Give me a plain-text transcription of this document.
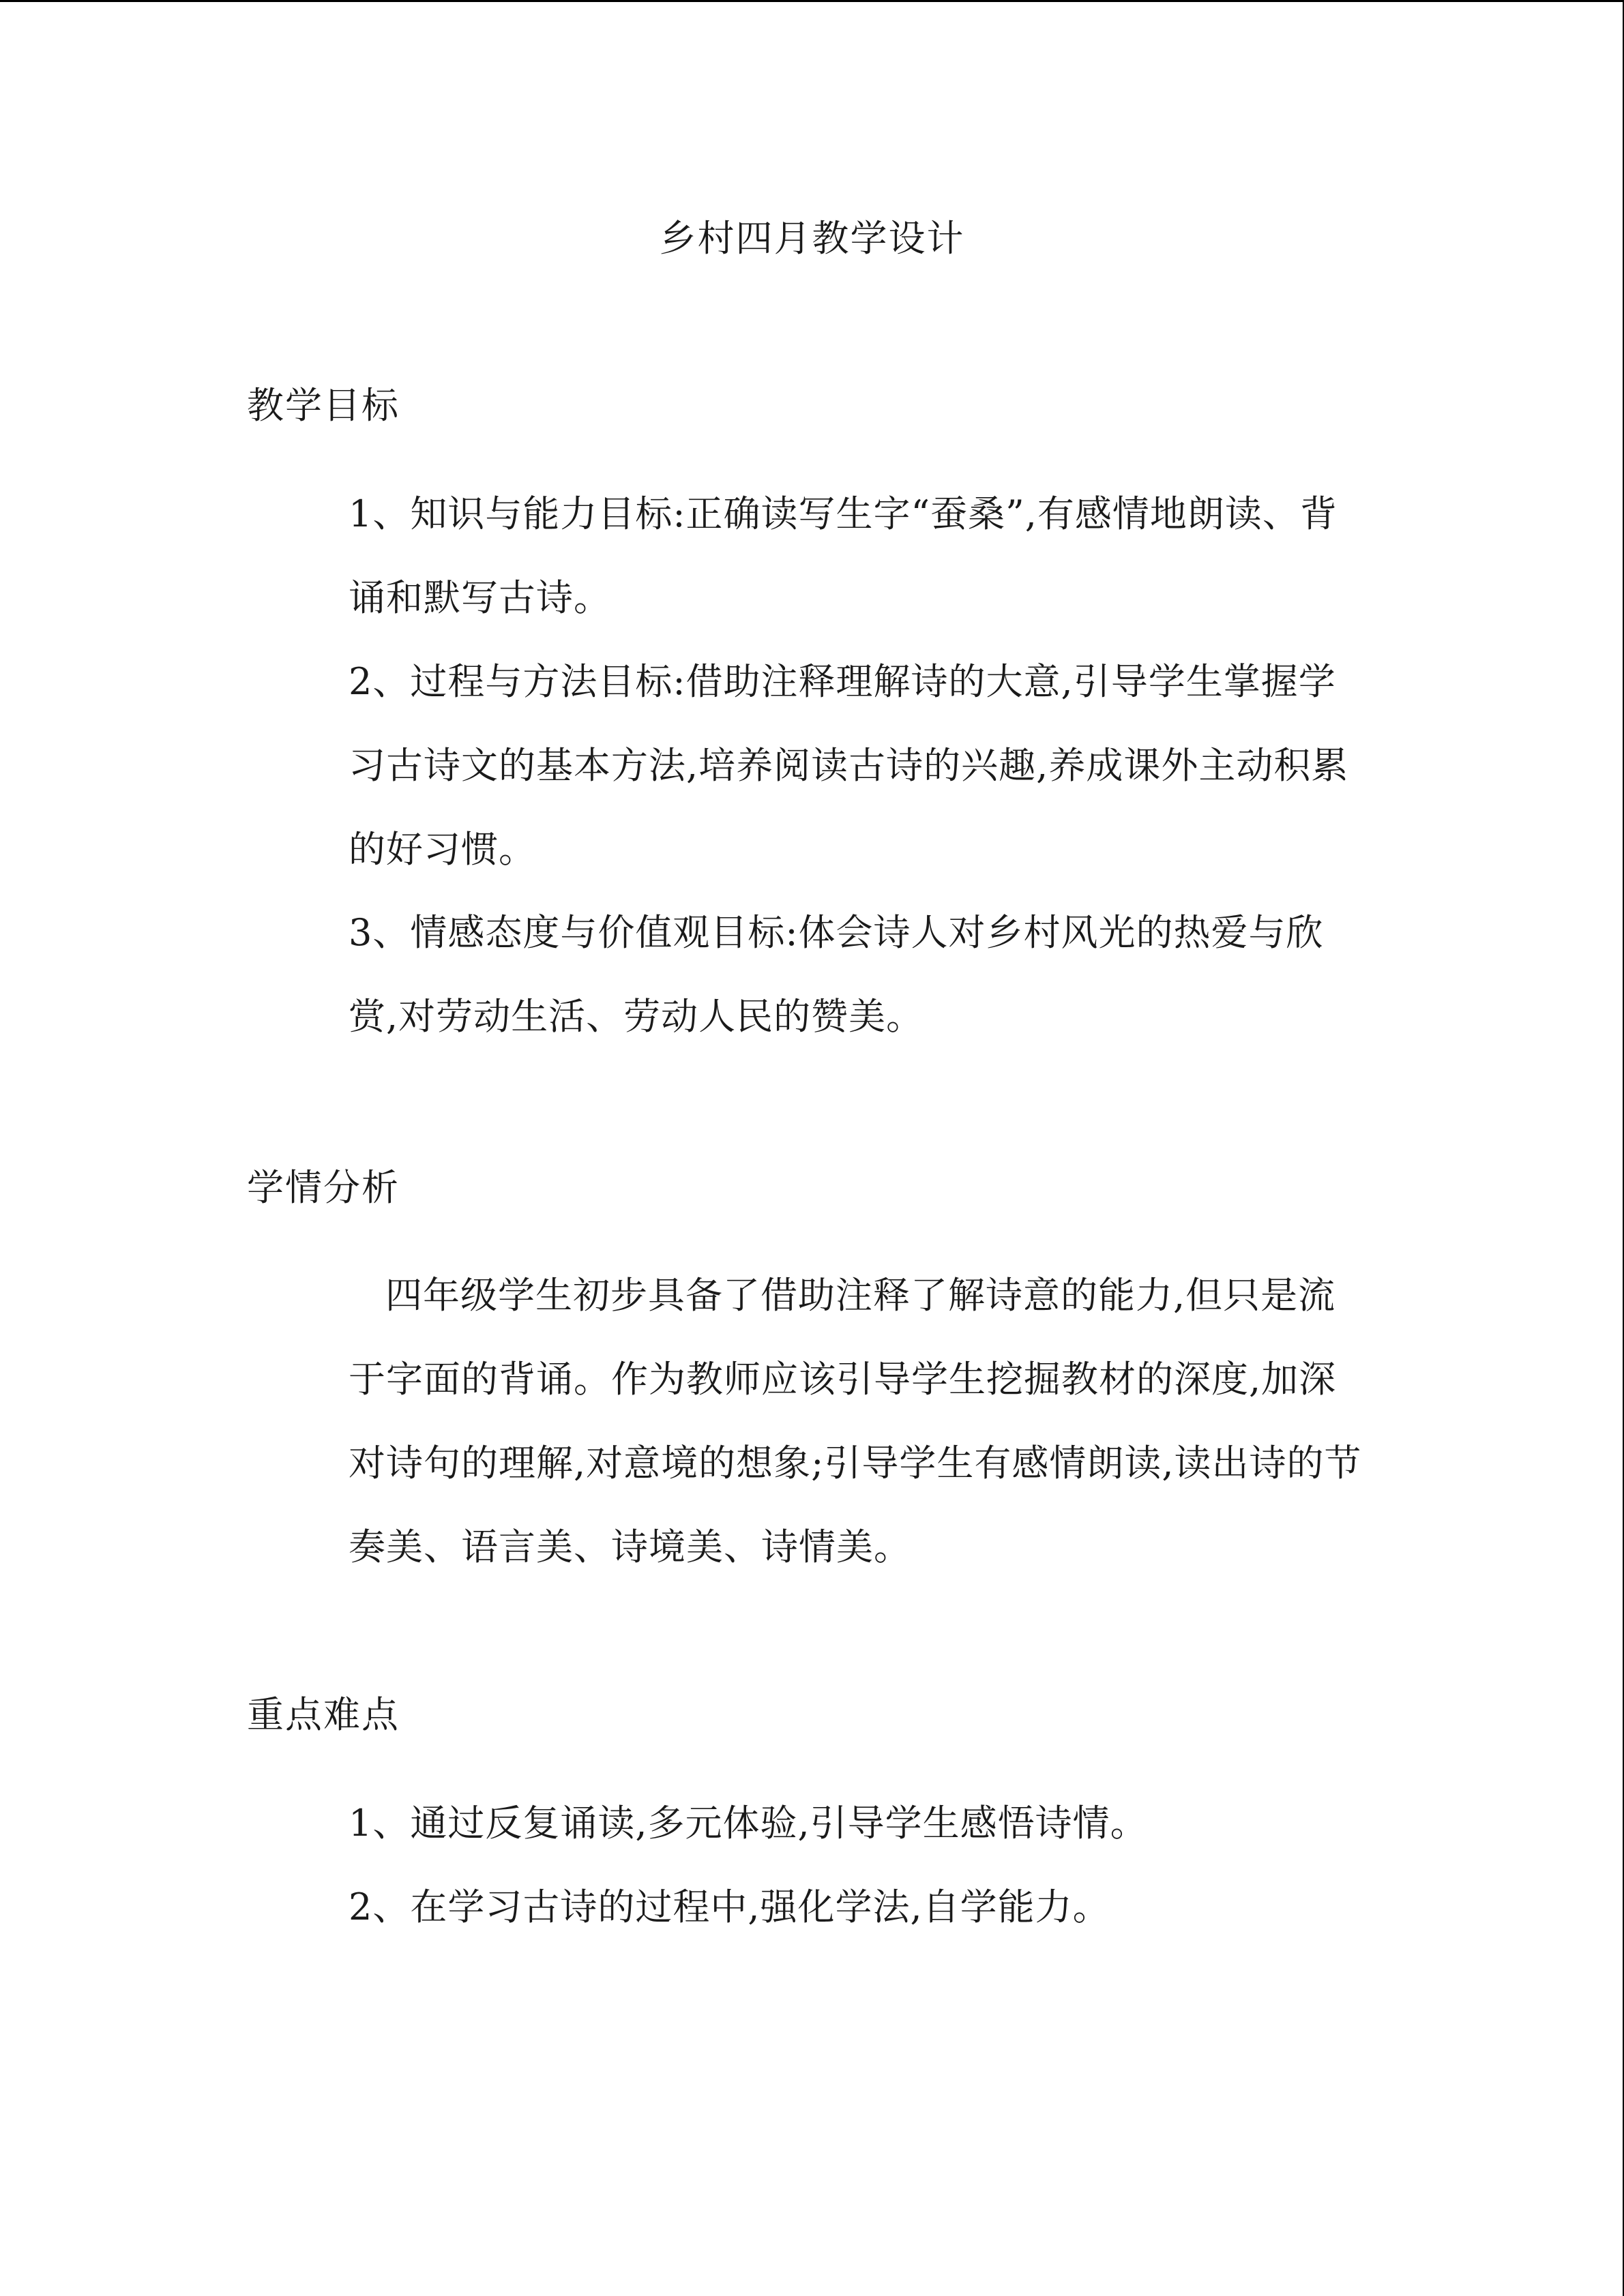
乡村四月教学设计
教学目标

1、知识与能力目标:正确读写生字“蚕桑”,有感情地朗读、背诵和默写古诗。

2、过程与方法目标:借助注释理解诗的大意,引导学生掌握学习古诗文的基本方法,培养阅读古诗的兴趣,养成课外主动积累的好习惯。

3、情感态度与价值观目标:体会诗人对乡村风光的热爱与欣赏,对劳动生活、劳动人民的赞美。

学情分析

四年级学生初步具备了借助注释了解诗意的能力,但只是流于字面的背诵。作为教师应该引导学生挖掘教材的深度,加深对诗句的理解,对意境的想象;引导学生有感情朗读,读出诗的节奏美、语言美、诗境美、诗情美。

重点难点

1、通过反复诵读,多元体验,引导学生感悟诗情。

2、在学习古诗的过程中,强化学法,自学能力。
